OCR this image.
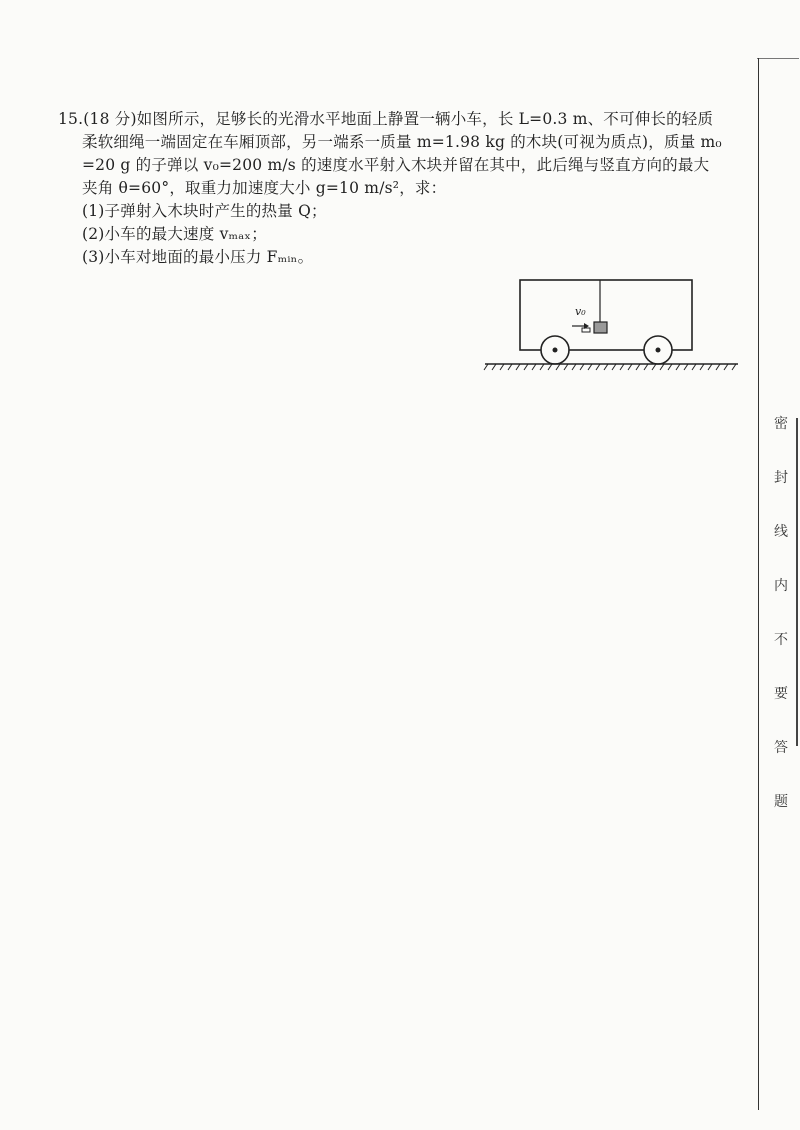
15.(18 分)如图所示，足够长的光滑水平地面上静置一辆小车，长 L=0.3 m、不可伸长的轻质

柔软细绳一端固定在车厢顶部，另一端系一质量 m=1.98 kg 的木块(可视为质点)，质量 m₀

=20 g 的子弹以 v₀=200 m/s 的速度水平射入木块并留在其中，此后绳与竖直方向的最大

夹角 θ=60°，取重力加速度大小 g=10 m/s²，求：

(1)子弹射入木块时产生的热量 Q；

(2)小车的最大速度 vₘₐₓ；

(3)小车对地面的最小压力 Fₘᵢₙ。

v₀
密
封
线
内
不
要
答
题
